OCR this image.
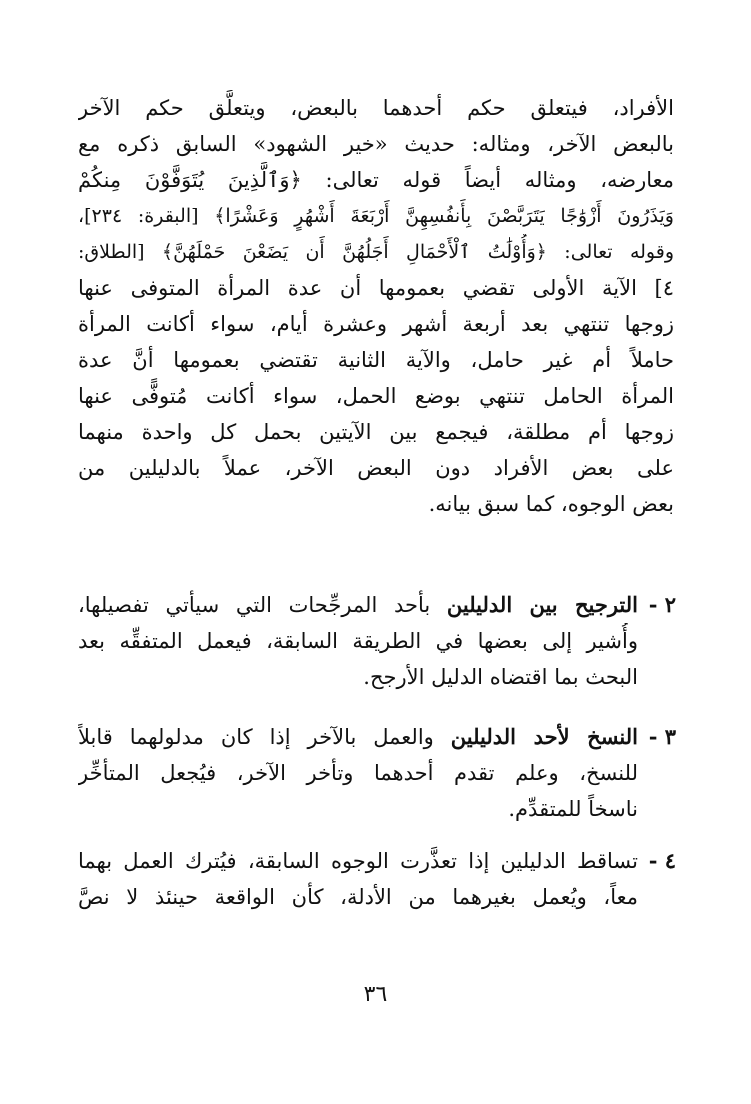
الأفراد، فيتعلق حكم أحدهما بالبعض، ويتعلَّق حكم الآخر
بالبعض الآخر، ومثاله: حديث «خير الشهود» السابق ذكره مع
معارضه، ومثاله أيضاً قوله تعالى: ﴿وَٱلَّذِينَ يُتَوَفَّوْنَ مِنكُمْ
وَيَذَرُونَ أَزْوَٰجًا يَتَرَبَّصْنَ بِأَنفُسِهِنَّ أَرْبَعَةَ أَشْهُرٍ وَعَشْرًا﴾ [البقرة: ٢٣٤]،
وقوله تعالى: ﴿وَأُوْلَٰتُ ٱلْأَحْمَالِ أَجَلُهُنَّ أَن يَضَعْنَ حَمْلَهُنَّ﴾ [الطلاق:
٤] الآية الأولى تقضي بعمومها أن عدة المرأة المتوفى عنها
زوجها تنتهي بعد أربعة أشهر وعشرة أيام، سواء أكانت المرأة
حاملاً أم غير حامل، والآية الثانية تقتضي بعمومها أنَّ عدة
المرأة الحامل تنتهي بوضع الحمل، سواء أكانت مُتوفًّى عنها
زوجها أم مطلقة، فيجمع بين الآيتين بحمل كل واحدة منهما
على بعض الأفراد دون البعض الآخر، عملاً بالدليلين من
بعض الوجوه، كما سبق بيانه.
٢ -
الترجيح بين الدليلين بأحد المرجِّحات التي سيأتي تفصيلها،
وأُشير إلى بعضها في الطريقة السابقة، فيعمل المتفقِّه بعد
البحث بما اقتضاه الدليل الأرجح.
٣ -
النسخ لأحد الدليلين والعمل بالآخر إذا كان مدلولهما قابلاً
للنسخ، وعلم تقدم أحدهما وتأخر الآخر، فيُجعل المتأخِّر
ناسخاً للمتقدِّم.
٤ -
تساقط الدليلين إذا تعذَّرت الوجوه السابقة، فيُترك العمل بهما
معاً، ويُعمل بغيرهما من الأدلة، كأن الواقعة حينئذ لا نصَّ
٣٦
